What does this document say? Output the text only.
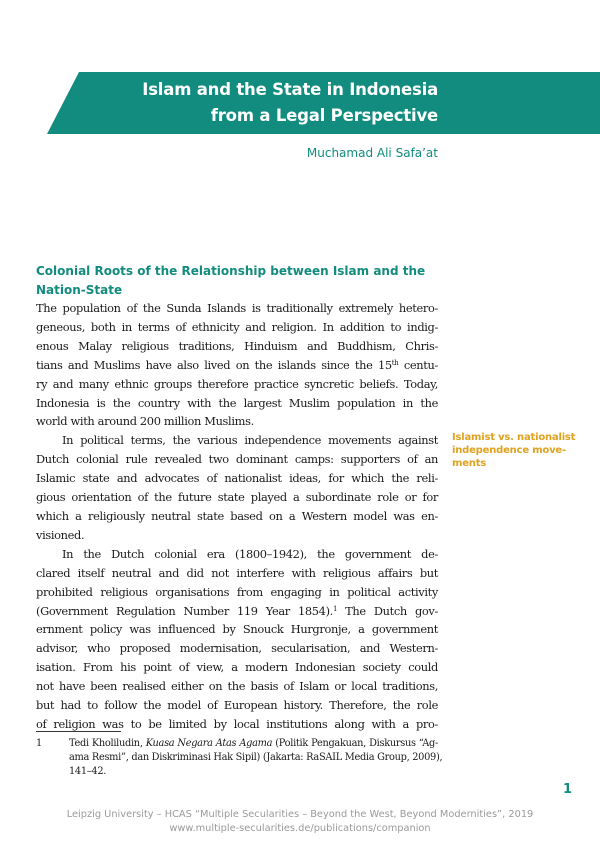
Islam and the State in Indonesia
from a Legal Perspective
Muchamad Ali Safa’at
Colonial Roots of the Relationship between Islam and the
Nation-State

The population of the Sunda Islands is traditionally extremely hetero-
geneous, both in terms of ethnicity and religion. In addition to indig-
enous Malay religious traditions, Hinduism and Buddhism, Chris-
tians and Muslims have also lived on the islands since the 15th centu-
ry and many ethnic groups therefore practice syncretic beliefs. Today,
Indonesia is the country with the largest Muslim population in the
world with around 200 million Muslims.

In political terms, the various independence movements against
Dutch colonial rule revealed two dominant camps: supporters of an
Islamic state and advocates of nationalist ideas, for which the reli-
gious orientation of the future state played a subordinate role or for
which a religiously neutral state based on a Western model was en-
visioned.

In the Dutch colonial era (1800–1942), the government de-
clared itself neutral and did not interfere with religious affairs but
prohibited religious organisations from engaging in political activity
(Government Regulation Number 119 Year 1854).$^1$ The Dutch gov-
ernment policy was influenced by Snouck Hurgronje, a government
advisor, who proposed modernisation, secularisation, and Western-
isation. From his point of view, a modern Indonesian society could
not have been realised either on the basis of Islam or local traditions,
but had to follow the model of European history. Therefore, the role
of religion was to be limited by local institutions along with a pro-

Islamist vs. nationalist
independence move-
ments
1	Tedi Kholiludin, Kuasa Negara Atas Agama (Politik Pengakuan, Diskursus “Ag-
ama Resmi”, dan Diskriminasi Hak Sipil) (Jakarta: RaSAIL Media Group, 2009),
141–42.
1
Leipzig University – HCAS “Multiple Secularities – Beyond the West, Beyond Modernities”, 2019
www.multiple-secularities.de/publications/companion
